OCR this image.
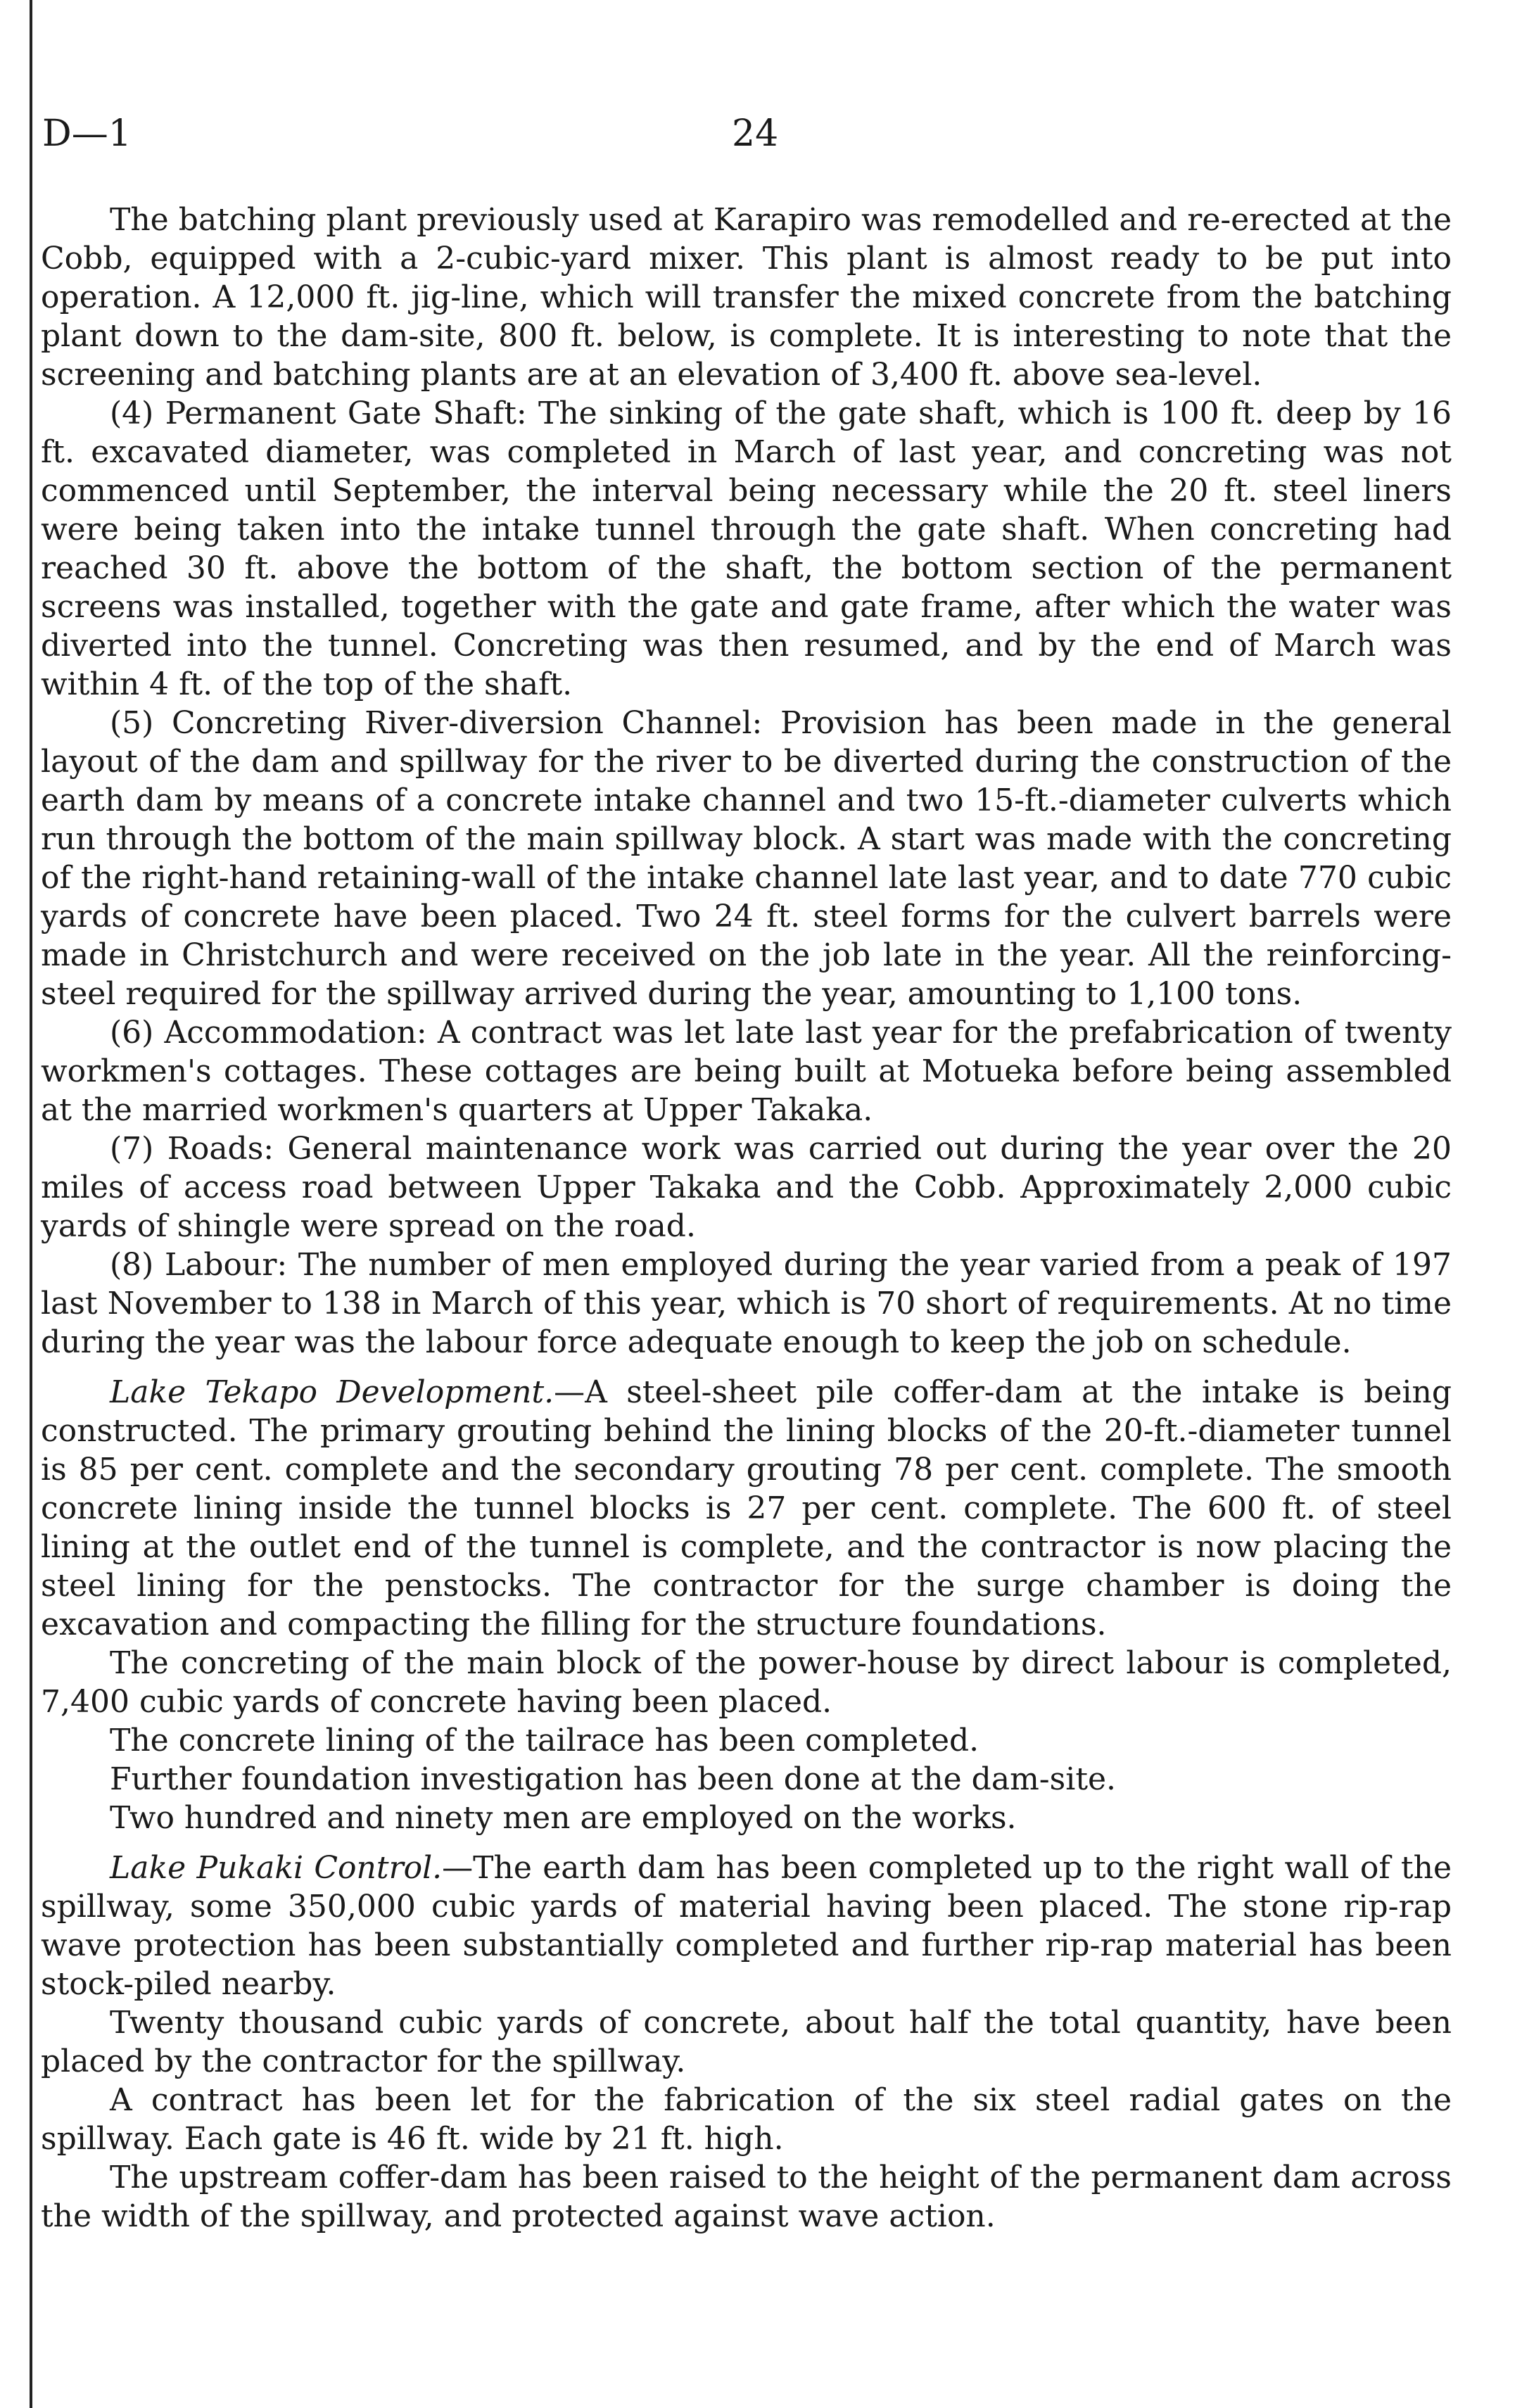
D—1	24

The batching plant previously used at Karapiro was remodelled and re-erected at the Cobb, equipped with a 2-cubic-yard mixer. This plant is almost ready to be put into operation. A 12,000 ft. jig-line, which will transfer the mixed concrete from the batching plant down to the dam-site, 800 ft. below, is complete. It is interesting to note that the screening and batching plants are at an elevation of 3,400 ft. above sea-level.

(4) Permanent Gate Shaft: The sinking of the gate shaft, which is 100 ft. deep by 16 ft. excavated diameter, was completed in March of last year, and concreting was not commenced until September, the interval being necessary while the 20 ft. steel liners were being taken into the intake tunnel through the gate shaft. When concreting had reached 30 ft. above the bottom of the shaft, the bottom section of the permanent screens was installed, together with the gate and gate frame, after which the water was diverted into the tunnel. Concreting was then resumed, and by the end of March was within 4 ft. of the top of the shaft.

(5) Concreting River-diversion Channel: Provision has been made in the general layout of the dam and spillway for the river to be diverted during the construction of the earth dam by means of a concrete intake channel and two 15-ft.-diameter culverts which run through the bottom of the main spillway block. A start was made with the concreting of the right-hand retaining-wall of the intake channel late last year, and to date 770 cubic yards of concrete have been placed. Two 24 ft. steel forms for the culvert barrels were made in Christchurch and were received on the job late in the year. All the reinforcing-steel required for the spillway arrived during the year, amounting to 1,100 tons.

(6) Accommodation: A contract was let late last year for the prefabrication of twenty workmen's cottages. These cottages are being built at Motueka before being assembled at the married workmen's quarters at Upper Takaka.

(7) Roads: General maintenance work was carried out during the year over the 20 miles of access road between Upper Takaka and the Cobb. Approximately 2,000 cubic yards of shingle were spread on the road.

(8) Labour: The number of men employed during the year varied from a peak of 197 last November to 138 in March of this year, which is 70 short of requirements. At no time during the year was the labour force adequate enough to keep the job on schedule.

Lake Tekapo Development.—A steel-sheet pile coffer-dam at the intake is being constructed. The primary grouting behind the lining blocks of the 20-ft.-diameter tunnel is 85 per cent. complete and the secondary grouting 78 per cent. complete. The smooth concrete lining inside the tunnel blocks is 27 per cent. complete. The 600 ft. of steel lining at the outlet end of the tunnel is complete, and the contractor is now placing the steel lining for the penstocks. The contractor for the surge chamber is doing the excavation and compacting the filling for the structure foundations.

The concreting of the main block of the power-house by direct labour is completed, 7,400 cubic yards of concrete having been placed.

The concrete lining of the tailrace has been completed.

Further foundation investigation has been done at the dam-site.

Two hundred and ninety men are employed on the works.

Lake Pukaki Control.—The earth dam has been completed up to the right wall of the spillway, some 350,000 cubic yards of material having been placed. The stone rip-rap wave protection has been substantially completed and further rip-rap material has been stock-piled nearby.

Twenty thousand cubic yards of concrete, about half the total quantity, have been placed by the contractor for the spillway.

A contract has been let for the fabrication of the six steel radial gates on the spillway. Each gate is 46 ft. wide by 21 ft. high.

The upstream coffer-dam has been raised to the height of the permanent dam across the width of the spillway, and protected against wave action.
